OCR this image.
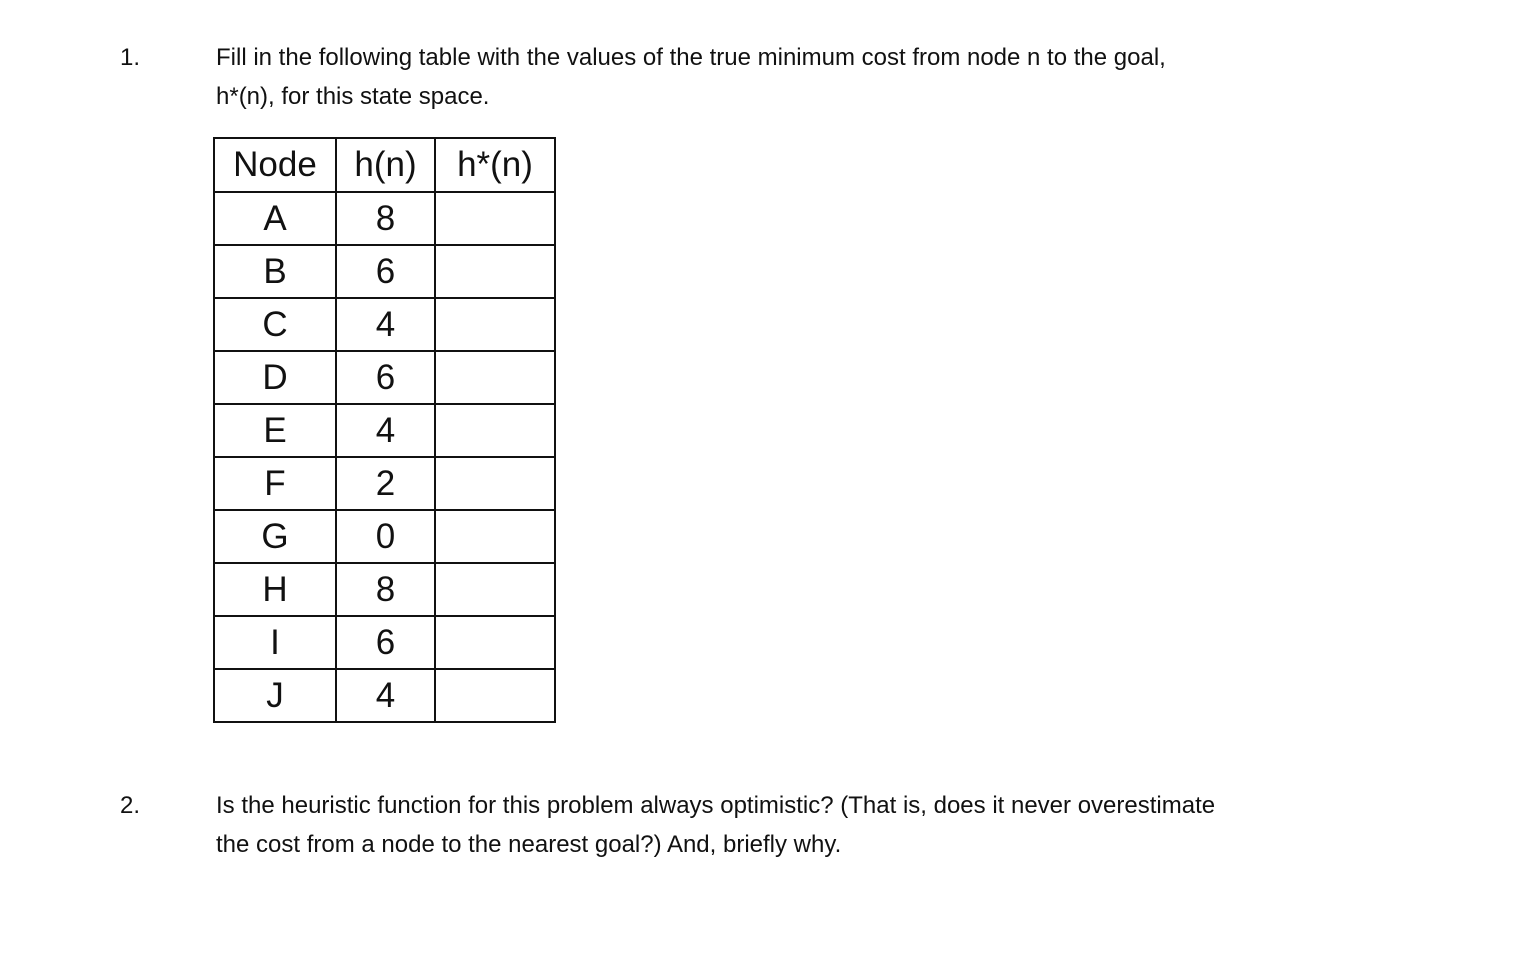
1.	Fill in the following table with the values of the true minimum cost from node n to the goal,
h*(n), for this state space.
Node	h(n)	h*(n)
A	8	
B	6	
C	4	
D	6	
E	4	
F	2	
G	0	
H	8	
I	6	
J	4	
2.	Is the heuristic function for this problem always optimistic? (That is, does it never overestimate
the cost from a node to the nearest goal?) And, briefly why.
